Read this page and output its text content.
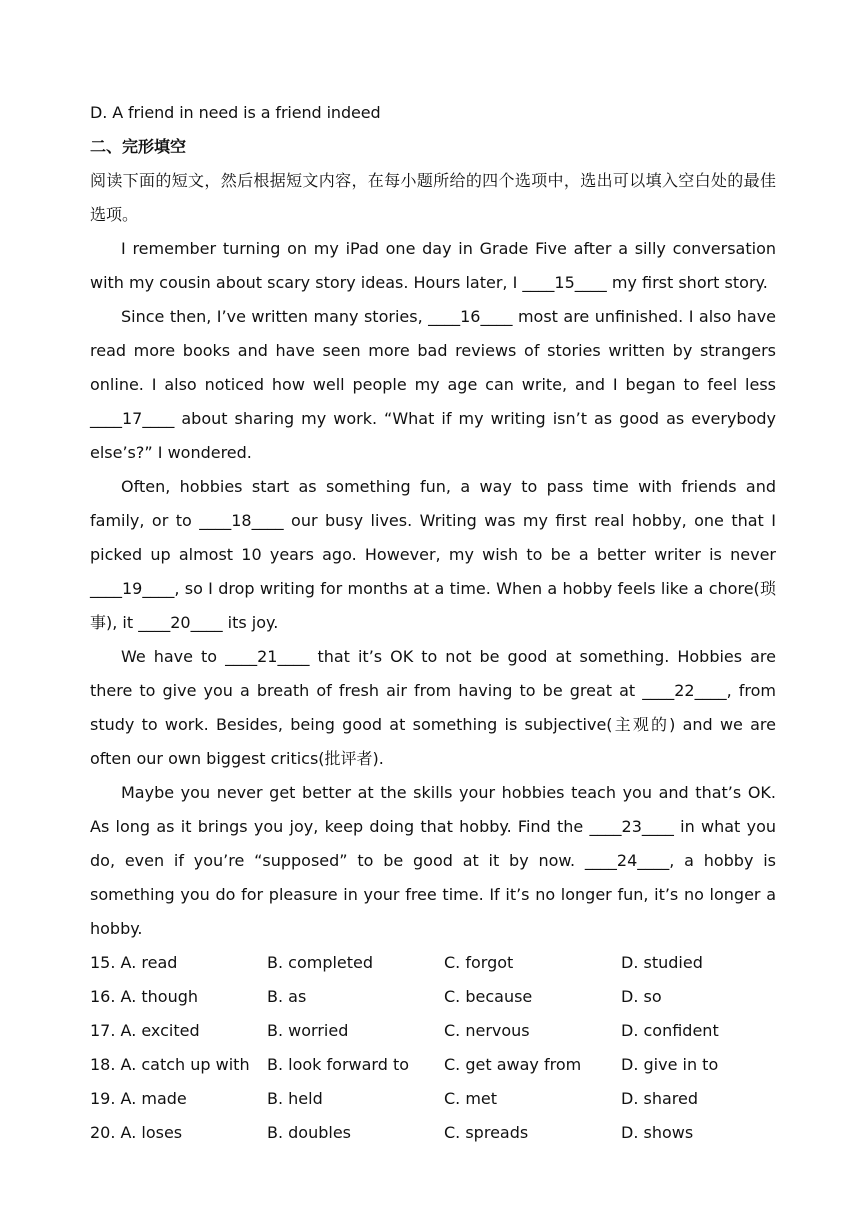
D. A friend in need is a friend indeed
二、完形填空

阅读下面的短文，然后根据短文内容，在每小题所给的四个选项中，选出可以填入空白处的最佳选项。

I remember turning on my iPad one day in Grade Five after a silly conversation with my cousin about scary story ideas. Hours later, I ____15____ my first short story.

Since then, I’ve written many stories, ____16____ most are unfinished. I also have read more books and have seen more bad reviews of stories written by strangers online. I also noticed how well people my age can write, and I began to feel less ____17____ about sharing my work. “What if my writing isn’t as good as everybody else’s?” I wondered.

Often, hobbies start as something fun, a way to pass time with friends and family, or to ____18____ our busy lives. Writing was my first real hobby, one that I picked up almost 10 years ago. However, my wish to be a better writer is never ____19____, so I drop writing for months at a time. When a hobby feels like a chore(琐事), it ____20____ its joy.

We have to ____21____ that it’s OK to not be good at something. Hobbies are there to give you a breath of fresh air from having to be great at ____22____, from study to work. Besides, being good at something is subjective(主观的) and we are often our own biggest critics(批评者).

Maybe you never get better at the skills your hobbies teach you and that’s OK. As long as it brings you joy, keep doing that hobby. Find the ____23____ in what you do, even if you’re “supposed” to be good at it by now. ____24____, a hobby is something you do for pleasure in your free time. If it’s no longer fun, it’s no longer a hobby.

15. A. read	B. completed	C. forgot	D. studied
16. A. though	B. as	C. because	D. so
17. A. excited	B. worried	C. nervous	D. confident
18. A. catch up with	B. look forward to	C. get away from	D. give in to
19. A. made	B. held	C. met	D. shared
20. A. loses	B. doubles	C. spreads	D. shows
